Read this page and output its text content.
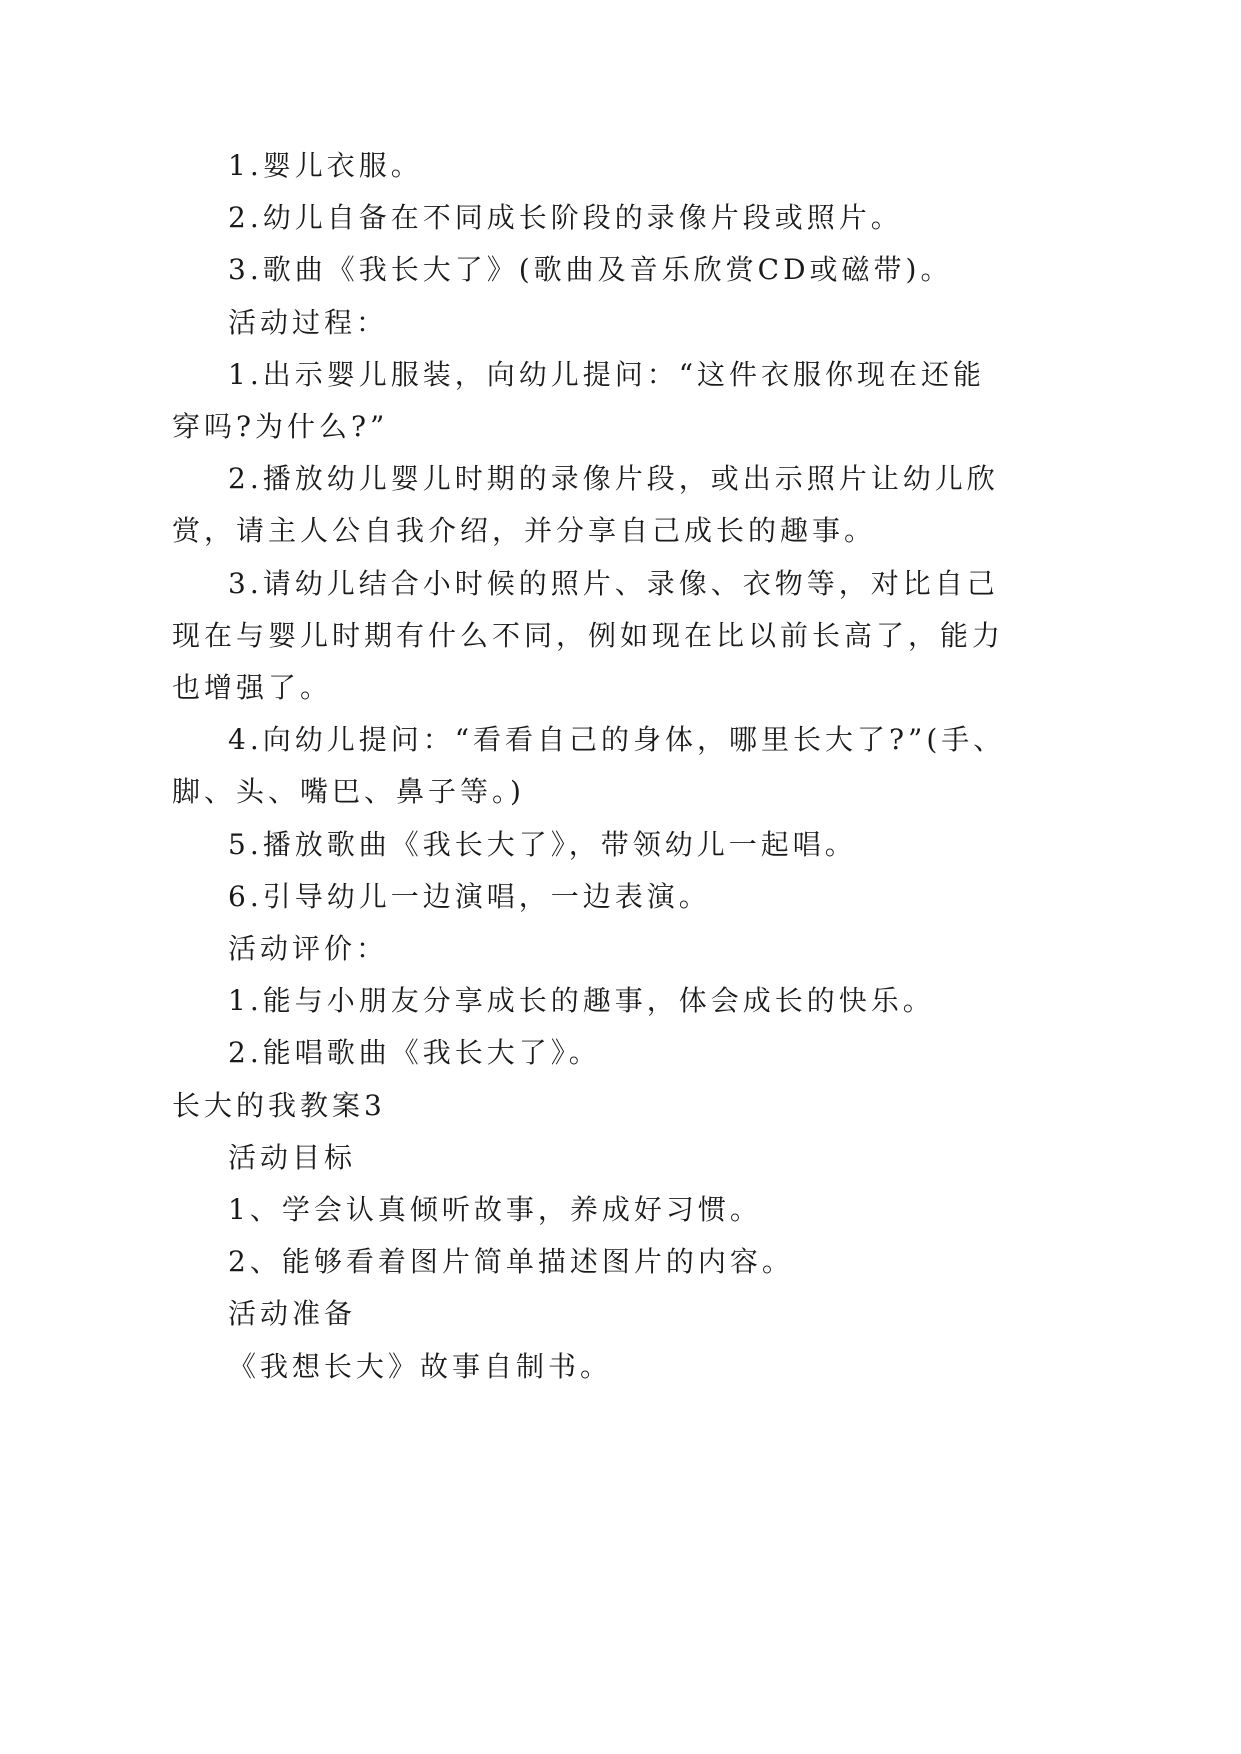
1.婴儿衣服。
2.幼儿自备在不同成长阶段的录像片段或照片。
3.歌曲《我长大了》(歌曲及音乐欣赏CD或磁带)。
活动过程：
1.出示婴儿服装，向幼儿提问：“这件衣服你现在还能
穿吗?为什么?”
2.播放幼儿婴儿时期的录像片段，或出示照片让幼儿欣
赏，请主人公自我介绍，并分享自己成长的趣事。
3.请幼儿结合小时候的照片、录像、衣物等，对比自己
现在与婴儿时期有什么不同，例如现在比以前长高了，能力
也增强了。
4.向幼儿提问：“看看自己的身体，哪里长大了?”(手、
脚、头、嘴巴、鼻子等。)
5.播放歌曲《我长大了》，带领幼儿一起唱。
6.引导幼儿一边演唱，一边表演。
活动评价：
1.能与小朋友分享成长的趣事，体会成长的快乐。
2.能唱歌曲《我长大了》。
长大的我教案3
活动目标
1、学会认真倾听故事，养成好习惯。
2、能够看着图片简单描述图片的内容。
活动准备
《我想长大》故事自制书。
